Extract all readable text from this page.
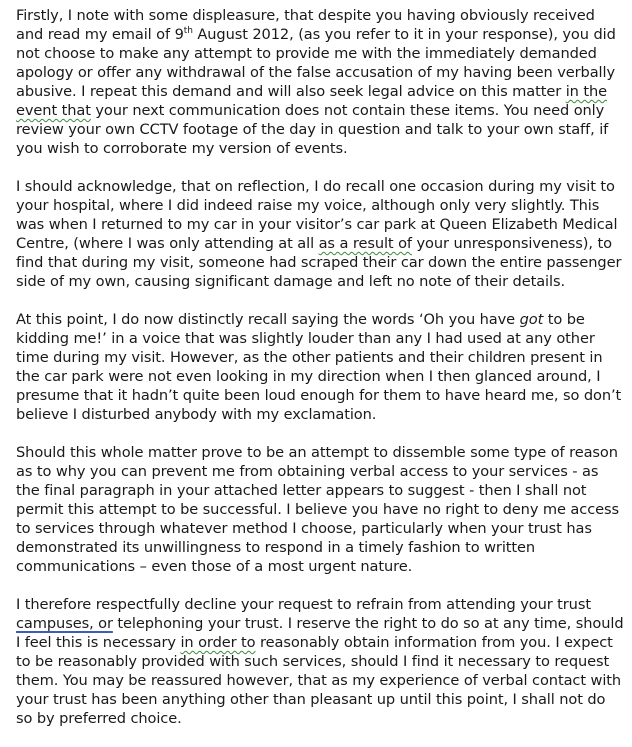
Firstly, I note with some displeasure, that despite you having obviously received and read my email of 9th August 2012, (as you refer to it in your response), you did not choose to make any attempt to provide me with the immediately demanded apology or offer any withdrawal of the false accusation of my having been verbally abusive. I repeat this demand and will also seek legal advice on this matter in the event that your next communication does not contain these items. You need only review your own CCTV footage of the day in question and talk to your own staff, if you wish to corroborate my version of events.

I should acknowledge, that on reflection, I do recall one occasion during my visit to your hospital, where I did indeed raise my voice, although only very slightly. This was when I returned to my car in your visitor’s car park at Queen Elizabeth Medical Centre, (where I was only attending at all as a result of your unresponsiveness), to find that during my visit, someone had scraped their car down the entire passenger side of my own, causing significant damage and left no note of their details.

At this point, I do now distinctly recall saying the words ‘Oh you have got to be kidding me!’ in a voice that was slightly louder than any I had used at any other time during my visit. However, as the other patients and their children present in the car park were not even looking in my direction when I then glanced around, I presume that it hadn’t quite been loud enough for them to have heard me, so don’t believe I disturbed anybody with my exclamation.

Should this whole matter prove to be an attempt to dissemble some type of reason as to why you can prevent me from obtaining verbal access to your services - as the final paragraph in your attached letter appears to suggest - then I shall not permit this attempt to be successful. I believe you have no right to deny me access to services through whatever method I choose, particularly when your trust has demonstrated its unwillingness to respond in a timely fashion to written communications – even those of a most urgent nature.

I therefore respectfully decline your request to refrain from attending your trust campuses, or telephoning your trust. I reserve the right to do so at any time, should I feel this is necessary in order to reasonably obtain information from you. I expect to be reasonably provided with such services, should I find it necessary to request them. You may be reassured however, that as my experience of verbal contact with your trust has been anything other than pleasant up until this point, I shall not do so by preferred choice.
